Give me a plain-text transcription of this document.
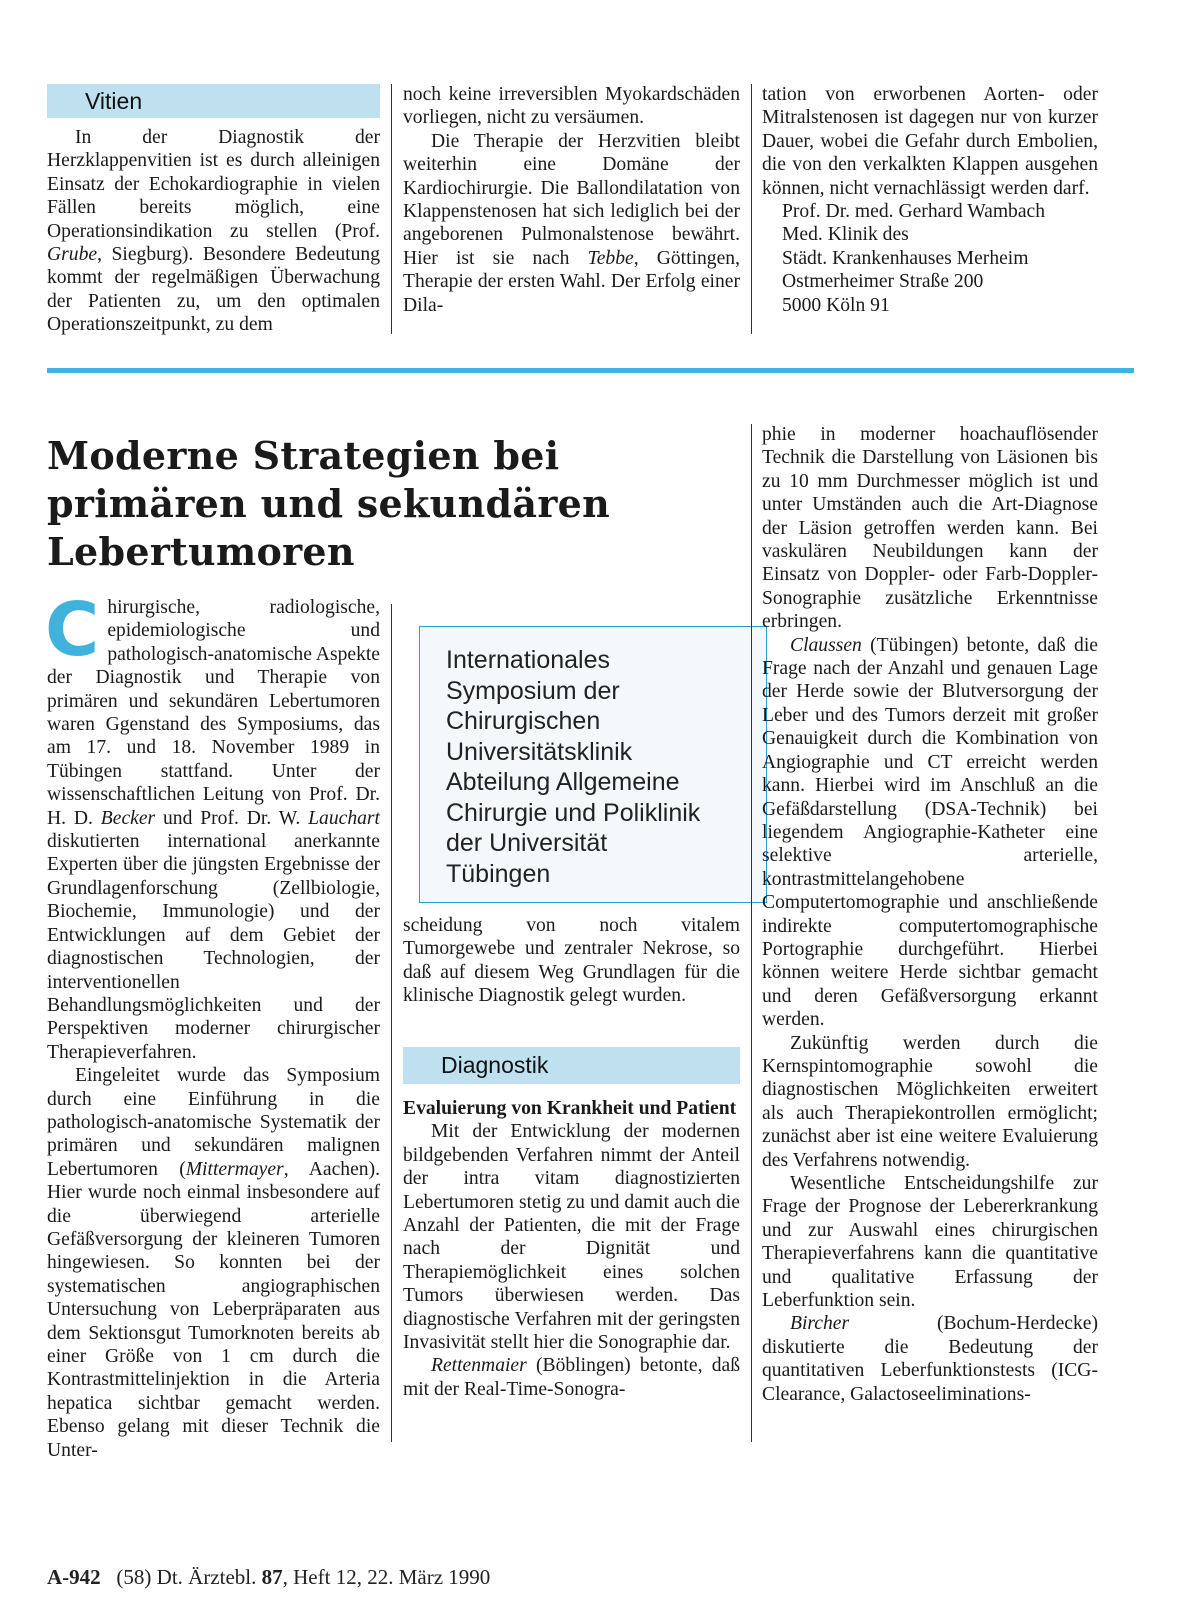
Vitien

In der Diagnostik der Herzklappenvitien ist es durch alleinigen Einsatz der Echokardiographie in vielen Fällen bereits möglich, eine Operationsindikation zu stellen (Prof. Grube, Siegburg). Besondere Bedeutung kommt der regelmäßigen Überwachung der Patienten zu, um den optimalen Operationszeitpunkt, zu dem

noch keine irreversiblen Myokardschäden vorliegen, nicht zu versäumen.

Die Therapie der Herzvitien bleibt weiterhin eine Domäne der Kardiochirurgie. Die Ballondilatation von Klappenstenosen hat sich lediglich bei der angeborenen Pulmonalstenose bewährt. Hier ist sie nach Tebbe, Göttingen, Therapie der ersten Wahl. Der Erfolg einer Dila-

tation von erworbenen Aorten- oder Mitralstenosen ist dagegen nur von kurzer Dauer, wobei die Gefahr durch Embolien, die von den verkalkten Klappen ausgehen können, nicht vernachlässigt werden darf.

Prof. Dr. med. Gerhard Wambach
Med. Klinik des
Städt. Krankenhauses Merheim
Ostmerheimer Straße 200
5000 Köln 91
Moderne Strategien bei
primären und sekundären
Lebertumoren

Chirurgische, radiologische, epidemiologische und pathologisch-anatomische Aspekte der Diagnostik und Therapie von primären und sekundären Lebertumoren waren Ggenstand des Symposiums, das am 17. und 18. November 1989 in Tübingen stattfand. Unter der wissenschaftlichen Leitung von Prof. Dr. H. D. Becker und Prof. Dr. W. Lauchart diskutierten international anerkannte Experten über die jüngsten Ergebnisse der Grundlagenforschung (Zellbiologie, Biochemie, Immunologie) und der Entwicklungen auf dem Gebiet der diagnostischen Technologien, der interventionellen Behandlungsmöglichkeiten und der Perspektiven moderner chirurgischer Therapieverfahren.

Eingeleitet wurde das Symposium durch eine Einführung in die pathologisch-anatomische Systematik der primären und sekundären malignen Lebertumoren (Mittermayer, Aachen). Hier wurde noch einmal insbesondere auf die überwiegend arterielle Gefäßversorgung der kleineren Tumoren hingewiesen. So konnten bei der systematischen angiographischen Untersuchung von Leberpräparaten aus dem Sektionsgut Tumorknoten bereits ab einer Größe von 1 cm durch die Kontrastmittelinjektion in die Arteria hepatica sichtbar gemacht werden. Ebenso gelang mit dieser Technik die Unter-

Internationales
Symposium der
Chirurgischen
Universitätsklinik
Abteilung Allgemeine
Chirurgie und Poliklinik
der Universität
Tübingen

scheidung von noch vitalem Tumorgewebe und zentraler Nekrose, so daß auf diesem Weg Grundlagen für die klinische Diagnostik gelegt wurden.

Diagnostik

Evaluierung von Krankheit und Patient

Mit der Entwicklung der modernen bildgebenden Verfahren nimmt der Anteil der intra vitam diagnostizierten Lebertumoren stetig zu und damit auch die Anzahl der Patienten, die mit der Frage nach der Dignität und Therapiemöglichkeit eines solchen Tumors überwiesen werden. Das diagnostische Verfahren mit der geringsten Invasivität stellt hier die Sonographie dar.

Rettenmaier (Böblingen) betonte, daß mit der Real-Time-Sonogra-

phie in moderner hoachauflösender Technik die Darstellung von Läsionen bis zu 10 mm Durchmesser möglich ist und unter Umständen auch die Art-Diagnose der Läsion getroffen werden kann. Bei vaskulären Neubildungen kann der Einsatz von Doppler- oder Farb-Doppler-Sonographie zusätzliche Erkenntnisse erbringen.

Claussen (Tübingen) betonte, daß die Frage nach der Anzahl und genauen Lage der Herde sowie der Blutversorgung der Leber und des Tumors derzeit mit großer Genauigkeit durch die Kombination von Angiographie und CT erreicht werden kann. Hierbei wird im Anschluß an die Gefäßdarstellung (DSA-Technik) bei liegendem Angiographie-Katheter eine selektive arterielle, kontrastmittelangehobene Computertomographie und anschließende indirekte computertomographische Portographie durchgeführt. Hierbei können weitere Herde sichtbar gemacht und deren Gefäßversorgung erkannt werden.

Zukünftig werden durch die Kernspintomographie sowohl die diagnostischen Möglichkeiten erweitert als auch Therapiekontrollen ermöglicht; zunächst aber ist eine weitere Evaluierung des Verfahrens notwendig.

Wesentliche Entscheidungshilfe zur Frage der Prognose der Lebererkrankung und zur Auswahl eines chirurgischen Therapieverfahrens kann die quantitative und qualitative Erfassung der Leberfunktion sein.

Bircher (Bochum-Herdecke) diskutierte die Bedeutung der quantitativen Leberfunktionstests (ICG-Clearance, Galactoseeliminations-

A-942 (58) Dt. Ärztebl. 87, Heft 12, 22. März 1990
